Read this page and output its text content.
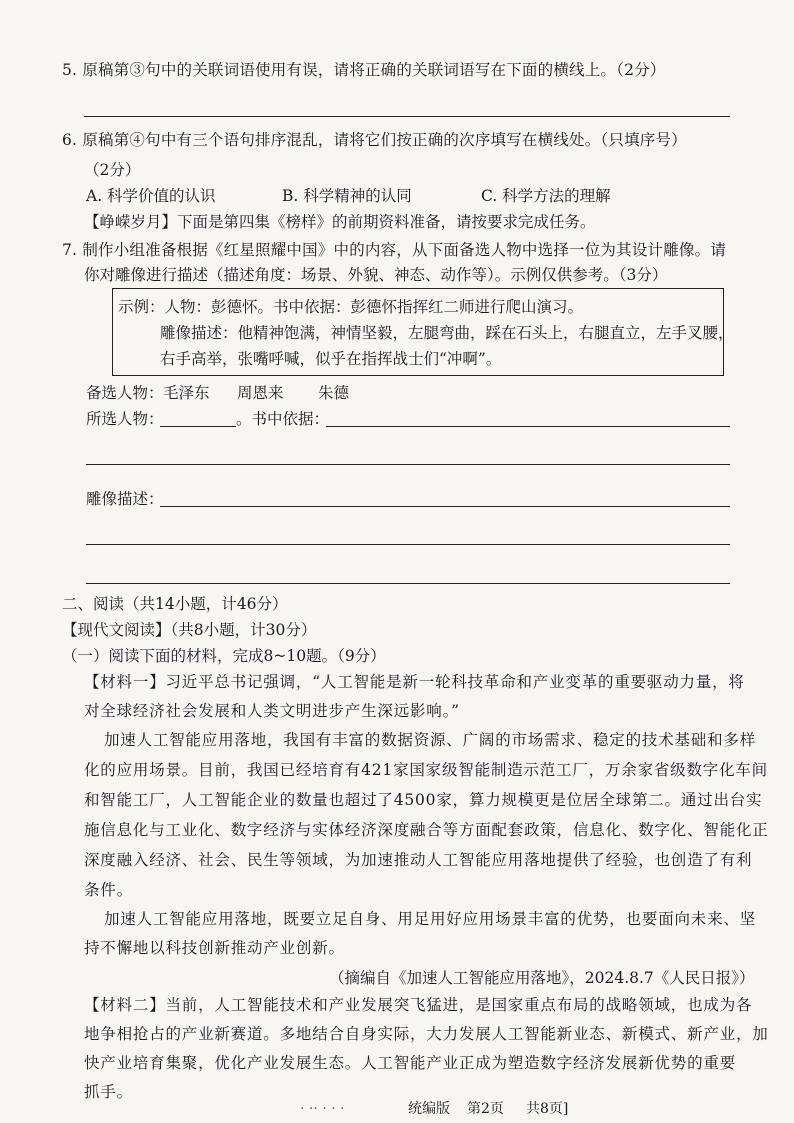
5. 原稿第③句中的关联词语使用有误，请将正确的关联词语写在下面的横线上。（2分）
6. 原稿第④句中有三个语句排序混乱，请将它们按正确的次序填写在横线处。（只填序号）
（2分）
A. 科学价值的认识	B. 科学精神的认同	C. 科学方法的理解
【峥嵘岁月】下面是第四集《榜样》的前期资料准备，请按要求完成任务。
7. 制作小组准备根据《红星照耀中国》中的内容，从下面备选人物中选择一位为其设计雕像。请
你对雕像进行描述（描述角度：场景、外貌、神态、动作等）。示例仅供参考。（3分）
示例：人物：彭德怀。书中依据：彭德怀指挥红二师进行爬山演习。
雕像描述：他精神饱满，神情坚毅，左腿弯曲，踩在石头上，右腿直立，左手叉腰，
右手高举，张嘴呼喊，似乎在指挥战士们“冲啊”。
备选人物： 毛泽东 周恩来 朱德
所选人物：	。书中依据：
雕像描述：
二、阅读（共14小题，计46分）
【现代文阅读】（共8小题，计30分）
（一）阅读下面的材料，完成8~10题。（9分）
【材料一】习近平总书记强调，“人工智能是新一轮科技革命和产业变革的重要驱动力量，将
对全球经济社会发展和人类文明进步产生深远影响。”
加速人工智能应用落地，我国有丰富的数据资源、广阔的市场需求、稳定的技术基础和多样
化的应用场景。目前，我国已经培育有421家国家级智能制造示范工厂，万余家省级数字化车间
和智能工厂，人工智能企业的数量也超过了4500家，算力规模更是位居全球第二。通过出台实
施信息化与工业化、数字经济与实体经济深度融合等方面配套政策，信息化、数字化、智能化正
深度融入经济、社会、民生等领域，为加速推动人工智能应用落地提供了经验，也创造了有利
条件。
加速人工智能应用落地，既要立足自身、用足用好应用场景丰富的优势，也要面向未来、坚
持不懈地以科技创新推动产业创新。
（摘编自《加速人工智能应用落地》，2024.8.7《人民日报》）
【材料二】当前，人工智能技术和产业发展突飞猛进，是国家重点布局的战略领域，也成为各
地争相抢占的产业新赛道。多地结合自身实际，大力发展人工智能新业态、新模式、新产业，加
快产业培育集聚，优化产业发展生态。人工智能产业正成为塑造数字经济发展新优势的重要
抓手。
· ·· · · ·	统编版 第2页 共8页]
